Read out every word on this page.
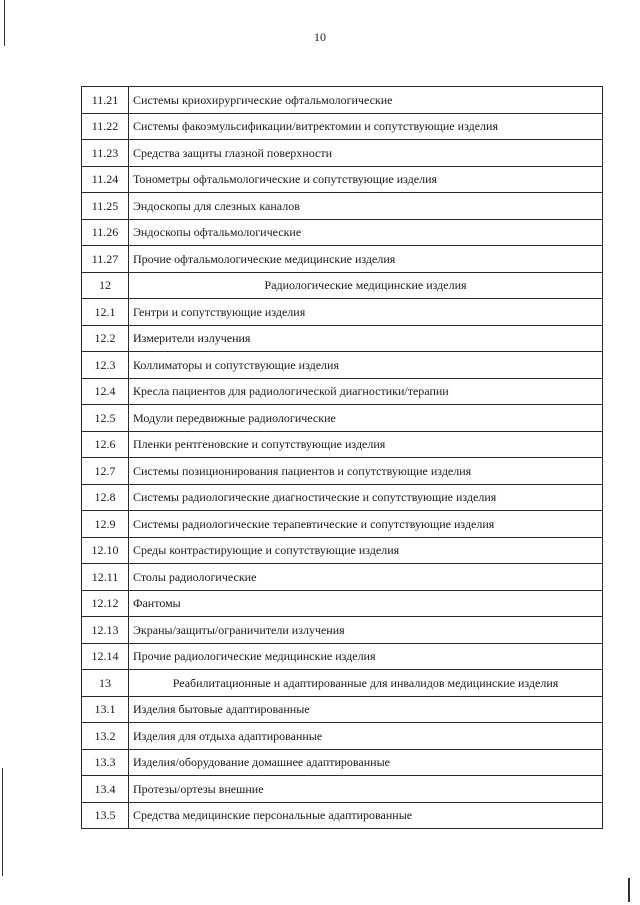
10
11.21	Системы криохирургические офтальмологические
11.22	Системы факоэмульсификации/витректомии и сопутствующие изделия
11.23	Средства защиты глазной поверхности
11.24	Тонометры офтальмологические и сопутствующие изделия
11.25	Эндоскопы для слезных каналов
11.26	Эндоскопы офтальмологические
11.27	Прочие офтальмологические медицинские изделия
12	Радиологические медицинские изделия
12.1	Гентри и сопутствующие изделия
12.2	Измерители излучения
12.3	Коллиматоры и сопутствующие изделия
12.4	Кресла пациентов для радиологической диагностики/терапии
12.5	Модули передвижные радиологические
12.6	Пленки рентгеновские и сопутствующие изделия
12.7	Системы позиционирования пациентов и сопутствующие изделия
12.8	Системы радиологические диагностические и сопутствующие изделия
12.9	Системы радиологические терапевтические и сопутствующие изделия
12.10	Среды контрастирующие и сопутствующие изделия
12.11	Столы радиологические
12.12	Фантомы
12.13	Экраны/защиты/ограничители излучения
12.14	Прочие радиологические медицинские изделия
13	Реабилитационные и адаптированные для инвалидов медицинские изделия
13.1	Изделия бытовые адаптированные
13.2	Изделия для отдыха адаптированные
13.3	Изделия/оборудование домашнее адаптированные
13.4	Протезы/ортезы внешние
13.5	Средства медицинские персональные адаптированные
